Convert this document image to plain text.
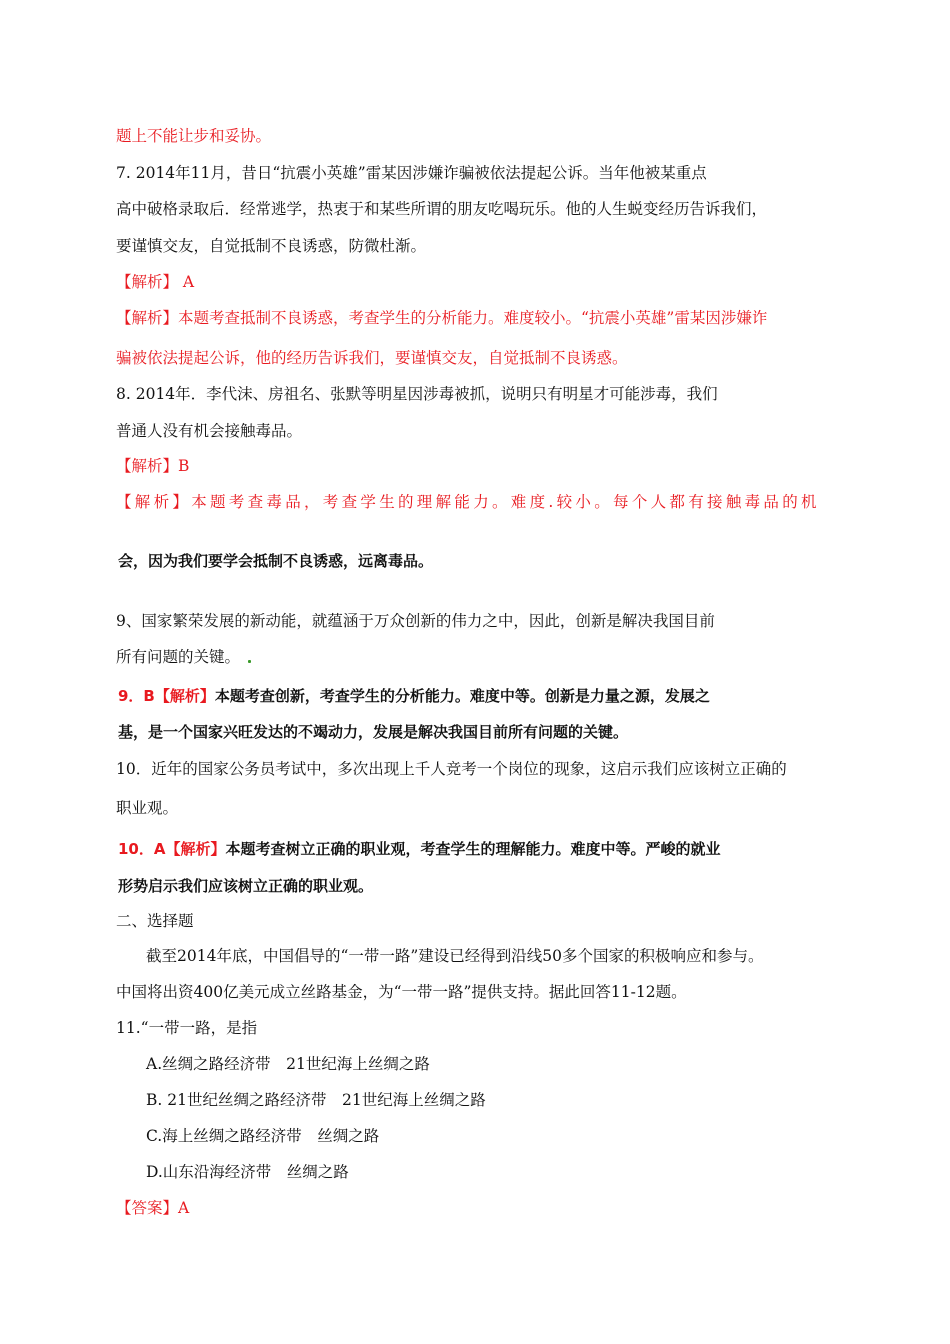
题上不能让步和妥协。
7. 2014年11月，昔日“抗震小英雄”雷某因涉嫌诈骗被依法提起公诉。当年他被某重点
高中破格录取后．经常逃学，热衷于和某些所谓的朋友吃喝玩乐。他的人生蜕变经历告诉我们，
要谨慎交友，自觉抵制不良诱惑，防微杜渐。
【解析】 A
【解析】本题考查抵制不良诱惑，考查学生的分析能力。难度较小。“抗震小英雄”雷某因涉嫌诈
骗被依法提起公诉，他的经历告诉我们，要谨慎交友，自觉抵制不良诱惑。
8. 2014年．李代沫、房祖名、张默等明星因涉毒被抓，说明只有明星才可能涉毒，我们
普通人没有机会接触毒品。
【解析】B
【解析】本题考查毒品，考查学生的理解能力。难度.较小。每个人都有接触毒品的机
会，因为我们要学会抵制不良诱惑，远离毒品。
9、国家繁荣发展的新动能，就蕴涵于万众创新的伟力之中，因此，创新是解决我国目前
所有问题的关键。
9．B【解析】本题考查创新，考查学生的分析能力。难度中等。创新是力量之源，发展之
基，是一个国家兴旺发达的不竭动力，发展是解决我国目前所有问题的关键。
10．近年的国家公务员考试中，多次出现上千人竞考一个岗位的现象，这启示我们应该树立正确的
职业观。
10．A【解析】本题考查树立正确的职业观，考查学生的理解能力。难度中等。严峻的就业
形势启示我们应该树立正确的职业观。
二、选择题
截至2014年底，中国倡导的“一带一路”建设已经得到沿线50多个国家的积极响应和参与。
中国将出资400亿美元成立丝路基金，为“一带一路”提供支持。据此回答11-12题。
11.“一带一路，是指
A.丝绸之路经济带　21世纪海上丝绸之路
B. 21世纪丝绸之路经济带　21世纪海上丝绸之路
C.海上丝绸之路经济带　丝绸之路
D.山东沿海经济带　丝绸之路
【答案】A
